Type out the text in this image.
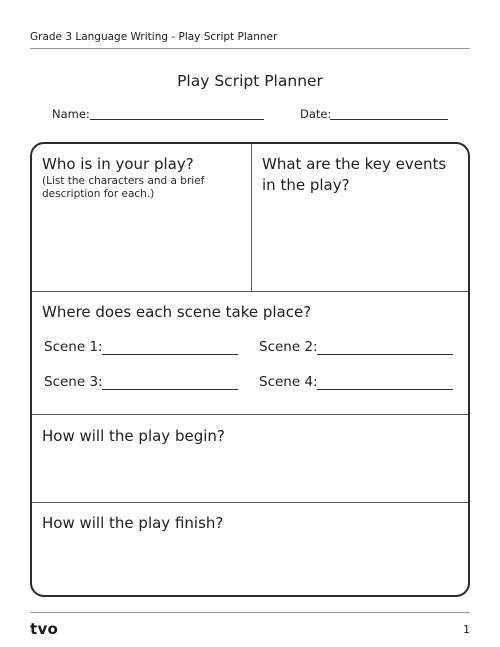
Grade 3 Language Writing - Play Script Planner
Play Script Planner
Name:	Date:
Who is in your play?
(List the characters and a brief
description for each.)
What are the key events
in the play?
Where does each scene take place?
Scene 1:	Scene 2:
Scene 3:	Scene 4:
How will the play begin?
How will the play finish?
tvo	1
